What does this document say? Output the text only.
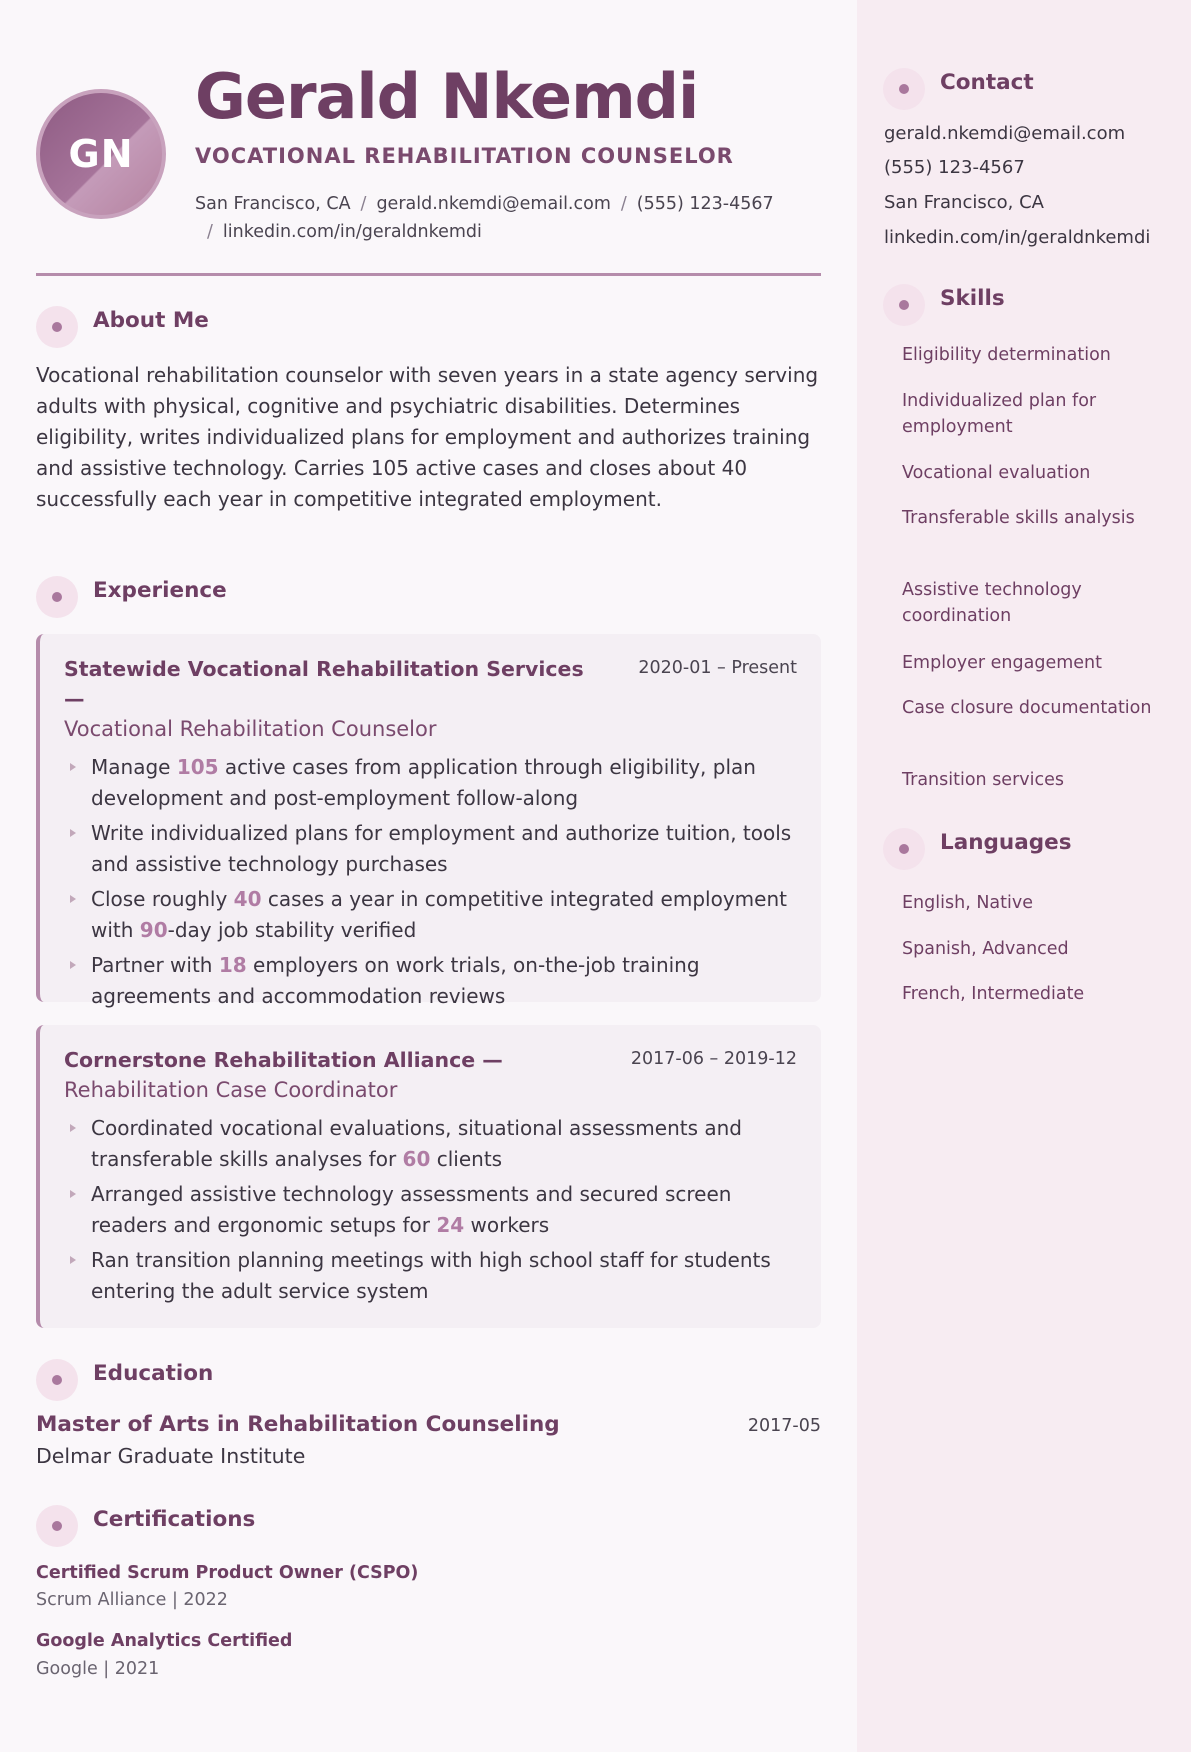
GN
Gerald Nkemdi
VOCATIONAL REHABILITATION COUNSELOR
San Francisco, CA / gerald.nkemdi@email.com / (555) 123-4567
/ linkedin.com/in/geraldnkemdi
About Me
Vocational rehabilitation counselor with seven years in a state agency serving adults with physical, cognitive and psychiatric disabilities. Determines eligibility, writes individualized plans for employment and authorizes training and assistive technology. Carries 105 active cases and closes about 40 successfully each year in competitive integrated employment.
Experience
Statewide Vocational Rehabilitation Services —
Vocational Rehabilitation Counselor
2020-01 – Present
Manage 105 active cases from application through eligibility, plan development and post-employment follow-along
Write individualized plans for employment and authorize tuition, tools and assistive technology purchases
Close roughly 40 cases a year in competitive integrated employment with 90-day job stability verified
Partner with 18 employers on work trials, on-the-job training agreements and accommodation reviews
Cornerstone Rehabilitation Alliance —
Rehabilitation Case Coordinator
2017-06 – 2019-12
Coordinated vocational evaluations, situational assessments and transferable skills analyses for 60 clients
Arranged assistive technology assessments and secured screen readers and ergonomic setups for 24 workers
Ran transition planning meetings with high school staff for students entering the adult service system
Education
Master of Arts in Rehabilitation Counseling	2017-05
Delmar Graduate Institute
Certifications
Certified Scrum Product Owner (CSPO)
Scrum Alliance | 2022
Google Analytics Certified
Google | 2021
Contact
gerald.nkemdi@email.com
(555) 123-4567
San Francisco, CA
linkedin.com/in/geraldnkemdi
Skills
Eligibility determination
Individualized plan for employment
Vocational evaluation
Transferable skills analysis
Assistive technology coordination
Employer engagement
Case closure documentation
Transition services
Languages
English, Native
Spanish, Advanced
French, Intermediate
